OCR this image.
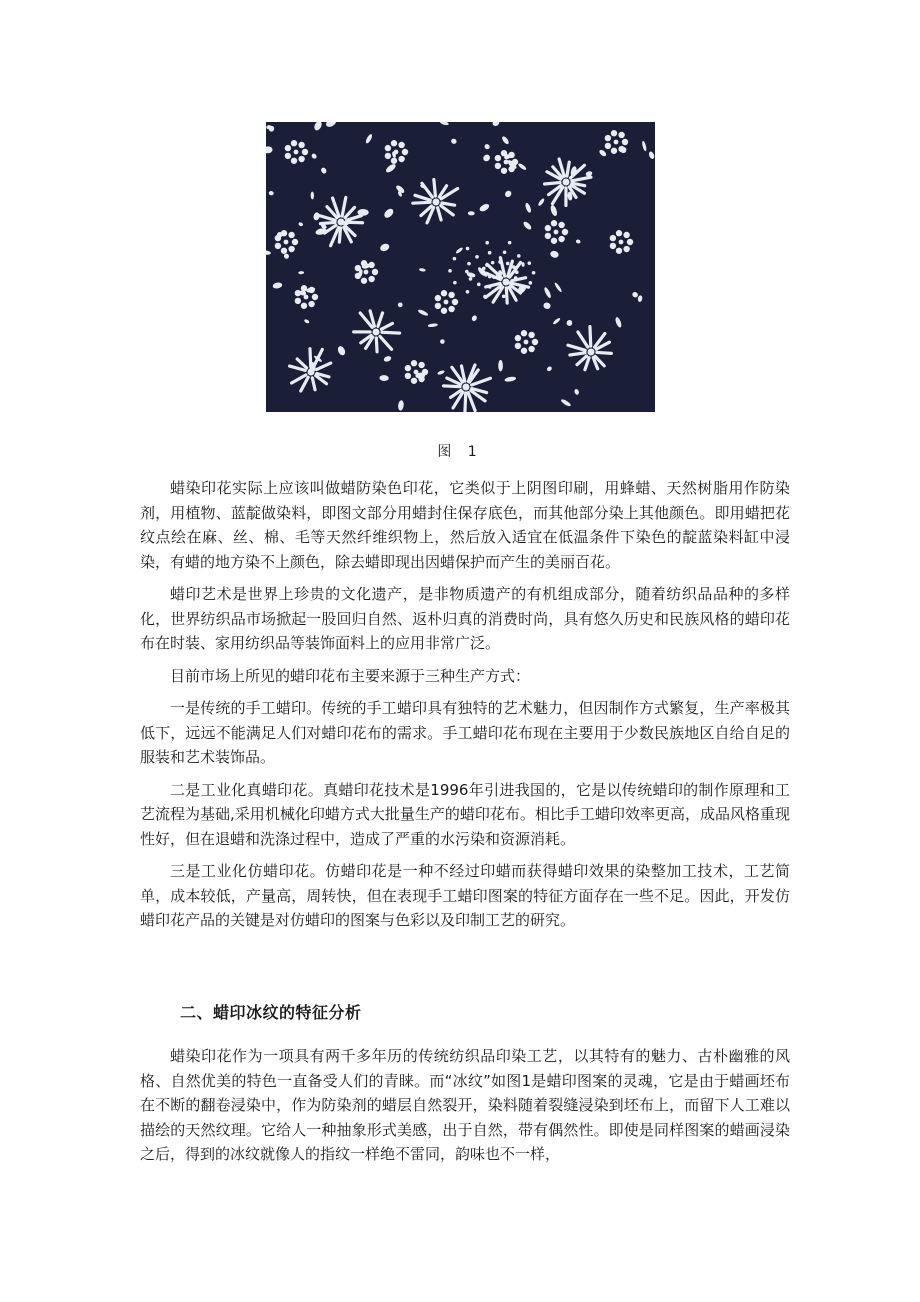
图 1

蜡染印花实际上应该叫做蜡防染色印花，它类似于上阴图印刷，用蜂蜡、天然树脂用作防染剂，用植物、蓝靛做染料，即图文部分用蜡封住保存底色，而其他部分染上其他颜色。即用蜡把花纹点绘在麻、丝、棉、毛等天然纤维织物上，然后放入适宜在低温条件下染色的靛蓝染料缸中浸染，有蜡的地方染不上颜色，除去蜡即现出因蜡保护而产生的美丽百花。

蜡印艺术是世界上珍贵的文化遗产，是非物质遗产的有机组成部分，随着纺织品品种的多样化，世界纺织品市场掀起一股回归自然、返朴归真的消费时尚，具有悠久历史和民族风格的蜡印花布在时装、家用纺织品等装饰面料上的应用非常广泛。

目前市场上所见的蜡印花布主要来源于三种生产方式：

一是传统的手工蜡印。传统的手工蜡印具有独特的艺术魅力，但因制作方式繁复，生产率极其低下，远远不能满足人们对蜡印花布的需求。手工蜡印花布现在主要用于少数民族地区自给自足的服装和艺术装饰品。

二是工业化真蜡印花。真蜡印花技术是1996年引进我国的，它是以传统蜡印的制作原理和工艺流程为基础,采用机械化印蜡方式大批量生产的蜡印花布。相比手工蜡印效率更高，成品风格重现性好，但在退蜡和洗涤过程中，造成了严重的水污染和资源消耗。

三是工业化仿蜡印花。仿蜡印花是一种不经过印蜡而获得蜡印效果的染整加工技术，工艺简单，成本较低，产量高，周转快，但在表现手工蜡印图案的特征方面存在一些不足。因此，开发仿蜡印花产品的关键是对仿蜡印的图案与色彩以及印制工艺的研究。

二、蜡印冰纹的特征分析

蜡染印花作为一项具有两千多年历的传统纺织品印染工艺，以其特有的魅力、古朴幽雅的风格、自然优美的特色一直备受人们的青睐。而“冰纹”如图1是蜡印图案的灵魂，它是由于蜡画坯布在不断的翻卷浸染中，作为防染剂的蜡层自然裂开，染料随着裂缝浸染到坯布上，而留下人工难以描绘的天然纹理。它给人一种抽象形式美感，出于自然，带有偶然性。即使是同样图案的蜡画浸染之后，得到的冰纹就像人的指纹一样绝不雷同，韵味也不一样，
